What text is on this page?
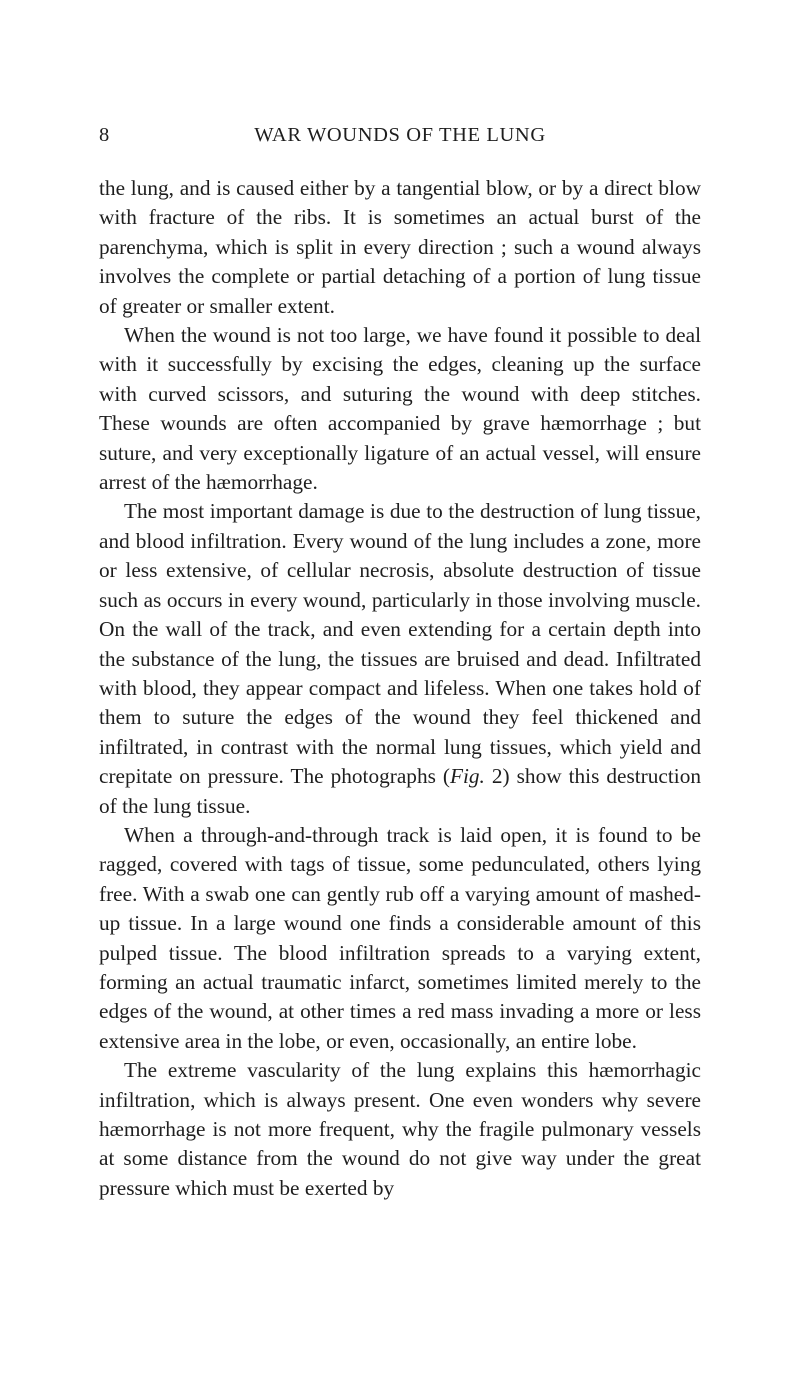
8	WAR WOUNDS OF THE LUNG

the lung, and is caused either by a tangential blow, or by a direct blow with fracture of the ribs. It is sometimes an actual burst of the parenchyma, which is split in every direction ; such a wound always involves the complete or partial detaching of a portion of lung tissue of greater or smaller extent.

When the wound is not too large, we have found it possible to deal with it successfully by excising the edges, cleaning up the surface with curved scissors, and suturing the wound with deep stitches. These wounds are often accompanied by grave hæmorrhage ; but suture, and very exceptionally ligature of an actual vessel, will ensure arrest of the hæmorrhage.

The most important damage is due to the destruction of lung tissue, and blood infiltration. Every wound of the lung includes a zone, more or less extensive, of cellular necrosis, absolute destruction of tissue such as occurs in every wound, particularly in those involving muscle. On the wall of the track, and even extending for a certain depth into the substance of the lung, the tissues are bruised and dead. Infiltrated with blood, they appear compact and lifeless. When one takes hold of them to suture the edges of the wound they feel thickened and infiltrated, in contrast with the normal lung tissues, which yield and crepitate on pressure. The photographs (Fig. 2) show this destruction of the lung tissue.

When a through-and-through track is laid open, it is found to be ragged, covered with tags of tissue, some pedunculated, others lying free. With a swab one can gently rub off a varying amount of mashed-up tissue. In a large wound one finds a considerable amount of this pulped tissue. The blood infiltration spreads to a varying extent, forming an actual traumatic infarct, sometimes limited merely to the edges of the wound, at other times a red mass invading a more or less extensive area in the lobe, or even, occasionally, an entire lobe.

The extreme vascularity of the lung explains this hæmorrhagic infiltration, which is always present. One even wonders why severe hæmorrhage is not more frequent, why the fragile pulmonary vessels at some distance from the wound do not give way under the great pressure which must be exerted by
